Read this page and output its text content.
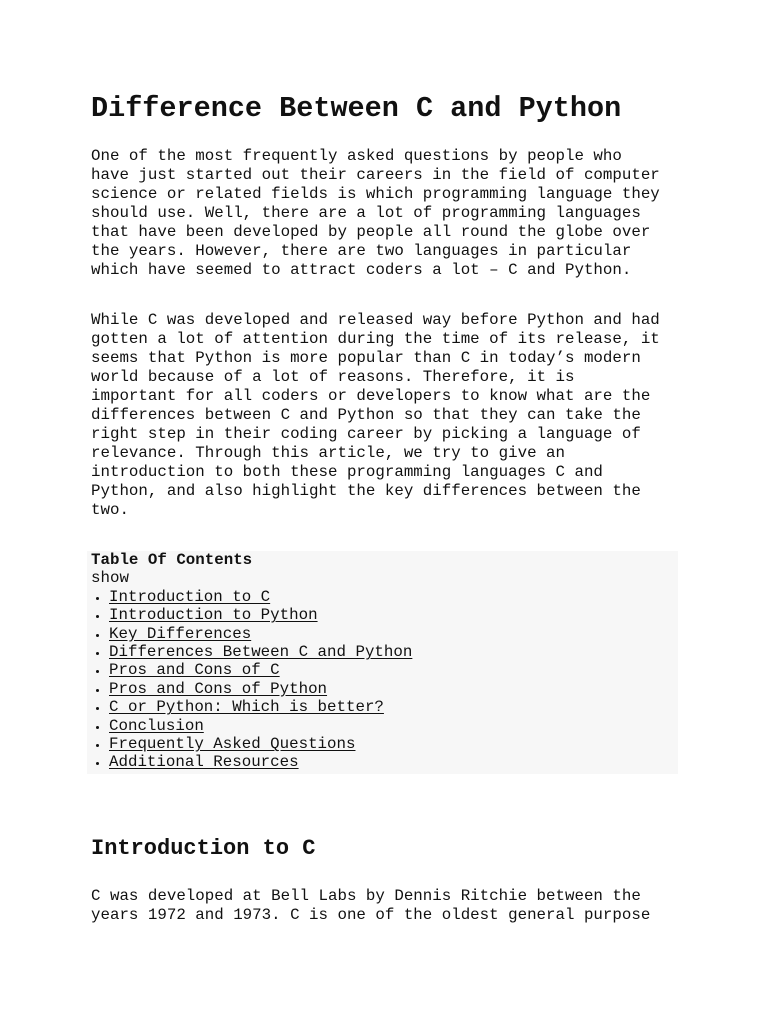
Difference Between C and Python

One of the most frequently asked questions by people who
have just started out their careers in the field of computer
science or related fields is which programming language they
should use. Well, there are a lot of programming languages
that have been developed by people all round the globe over
the years. However, there are two languages in particular
which have seemed to attract coders a lot – C and Python.

While C was developed and released way before Python and had
gotten a lot of attention during the time of its release, it
seems that Python is more popular than C in today’s modern
world because of a lot of reasons. Therefore, it is
important for all coders or developers to know what are the
differences between C and Python so that they can take the
right step in their coding career by picking a language of
relevance. Through this article, we try to give an
introduction to both these programming languages C and
Python, and also highlight the key differences between the
two.

Table Of Contents
show
• Introduction to C
• Introduction to Python
• Key Differences
• Differences Between C and Python
• Pros and Cons of C
• Pros and Cons of Python
• C or Python: Which is better?
• Conclusion
• Frequently Asked Questions
• Additional Resources
Introduction to C

C was developed at Bell Labs by Dennis Ritchie between the
years 1972 and 1973. C is one of the oldest general purpose
